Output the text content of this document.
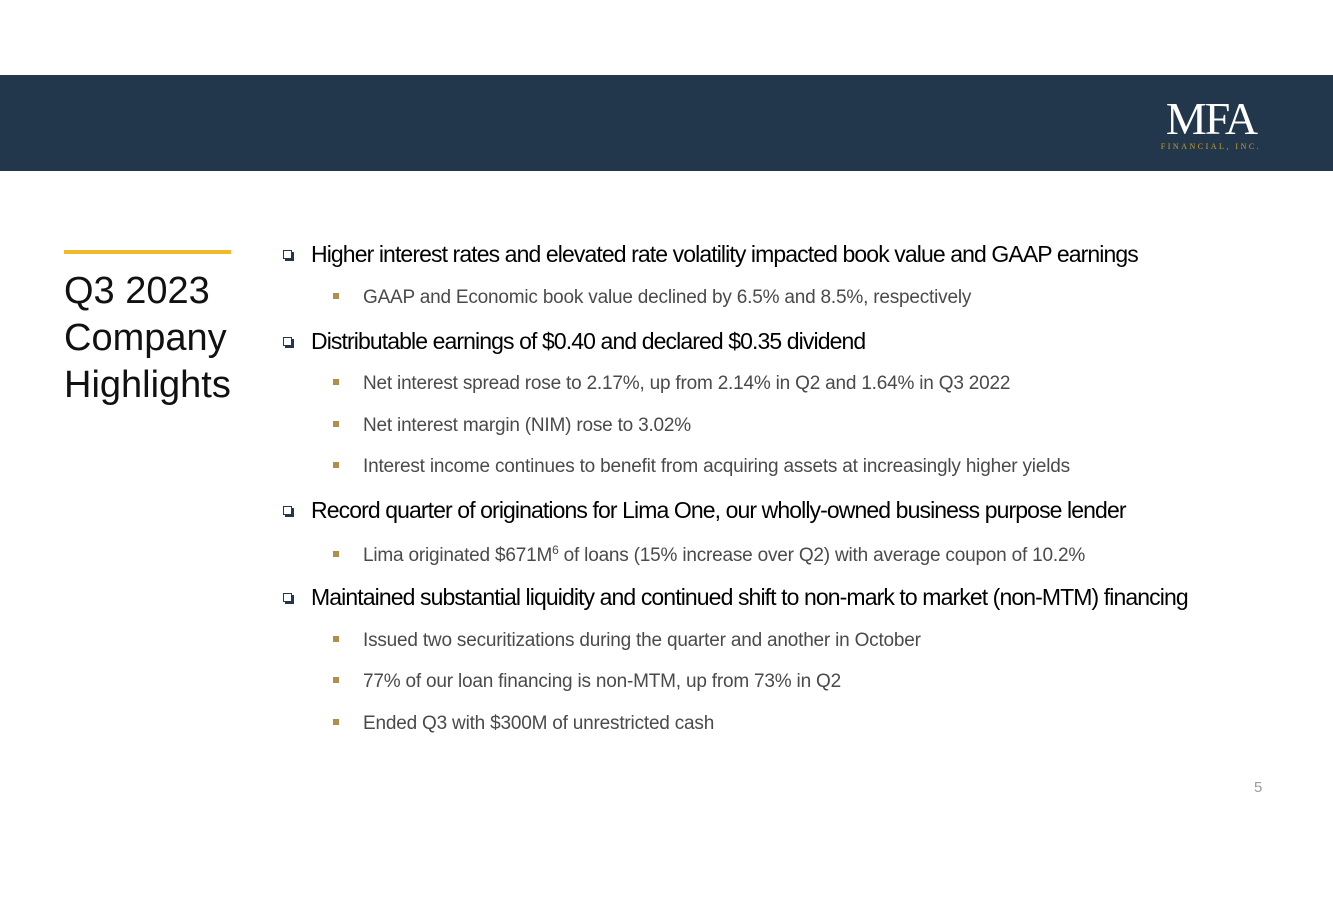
MFA
FINANCIAL, INC.
Q3 2023
Company
Highlights
Higher interest rates and elevated rate volatility impacted book value and GAAP earnings
GAAP and Economic book value declined by 6.5% and 8.5%, respectively
Distributable earnings of $0.40 and declared $0.35 dividend
Net interest spread rose to 2.17%, up from 2.14% in Q2 and 1.64% in Q3 2022
Net interest margin (NIM) rose to 3.02%
Interest income continues to benefit from acquiring assets at increasingly higher yields
Record quarter of originations for Lima One, our wholly-owned business purpose lender
Lima originated $\$671M^6$ of loans (15% increase over Q2) with average coupon of 10.2%
Maintained substantial liquidity and continued shift to non-mark to market (non-MTM) financing
Issued two securitizations during the quarter and another in October
77% of our loan financing is non-MTM, up from 73% in Q2
Ended Q3 with $300M of unrestricted cash
5
